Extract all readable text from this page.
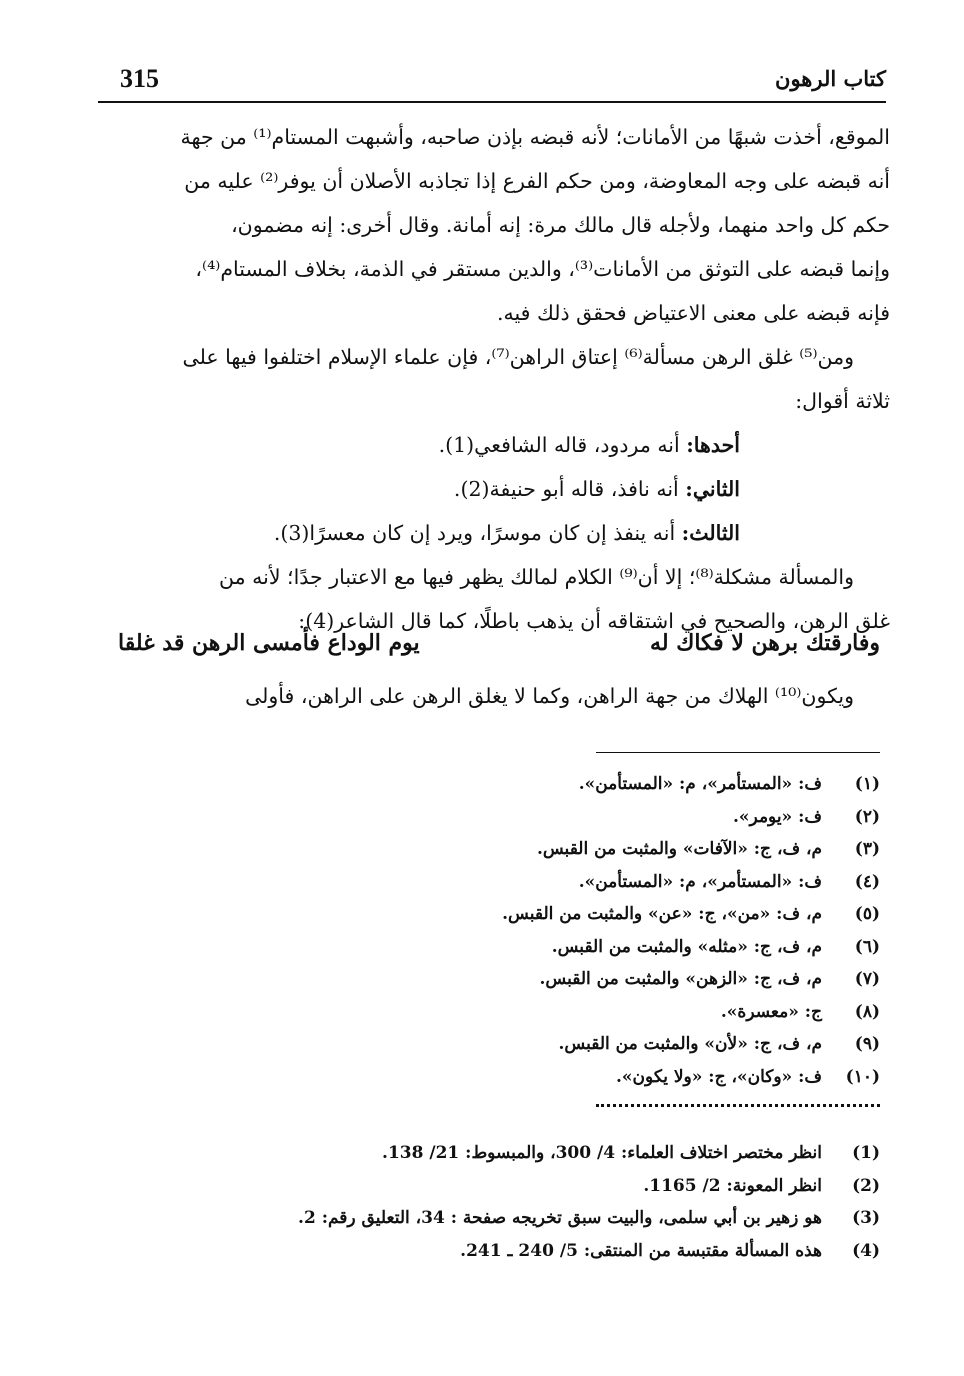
315	كتاب الرهون
الموقع، أخذت شبهًا من الأمانات؛ لأنه قبضه بإذن صاحبه، وأشبهت المستام⁽¹⁾ من جهة
أنه قبضه على وجه المعاوضة، ومن حكم الفرع إذا تجاذبه الأصلان أن يوفر⁽²⁾ عليه من
حكم كل واحد منهما، ولأجله قال مالك مرة: إنه أمانة. وقال أخرى: إنه مضمون،
وإنما قبضه على التوثق من الأمانات⁽³⁾، والدين مستقر في الذمة، بخلاف المستام⁽⁴⁾،
فإنه قبضه على معنى الاعتياض فحقق ذلك فيه.
ومن⁽⁵⁾ غلق الرهن مسألة⁽⁶⁾ إعتاق الراهن⁽⁷⁾، فإن علماء الإسلام اختلفوا فيها على
ثلاثة أقوال:
أحدها: أنه مردود، قاله الشافعي(1).
الثاني: أنه نافذ، قاله أبو حنيفة(2).
الثالث: أنه ينفذ إن كان موسرًا، ويرد إن كان معسرًا(3).
والمسألة مشكلة⁽⁸⁾؛ إلا أن⁽⁹⁾ الكلام لمالك يظهر فيها مع الاعتبار جدًا؛ لأنه من
غلق الرهن، والصحيح في اشتقاقه أن يذهب باطلًا، كما قال الشاعر(4):
وفارقتك برهن لا فكاك له
يوم الوداع فأمسى الرهن قد غلقا
ويكون⁽¹⁰⁾ الهلاك من جهة الراهن، وكما لا يغلق الرهن على الراهن، فأولى
(١)ف: «المستأمر»، م: «المستأمن».
(٢)ف: «يومر».
(٣)م، ف، ج: «الآفات» والمثبت من القبس.
(٤)ف: «المستأمر»، م: «المستأمن».
(٥)م، ف: «من»، ج: «عن» والمثبت من القبس.
(٦)م، ف، ج: «مثله» والمثبت من القبس.
(٧)م، ف، ج: «الزهن» والمثبت من القبس.
(٨)ج: «معسرة».
(٩)م، ف، ج: «لأن» والمثبت من القبس.
(١٠)ف: «وكان»، ج: «ولا يكون».
(1)انظر مختصر اختلاف العلماء: 4/ 300، والمبسوط: 21/ 138.
(2)انظر المعونة: 2/ 1165.
(3)هو زهير بن أبي سلمى، والبيت سبق تخريجه صفحة : 34، التعليق رقم: 2.
(4)هذه المسألة مقتبسة من المنتقى: 5/ 240 ـ 241.
